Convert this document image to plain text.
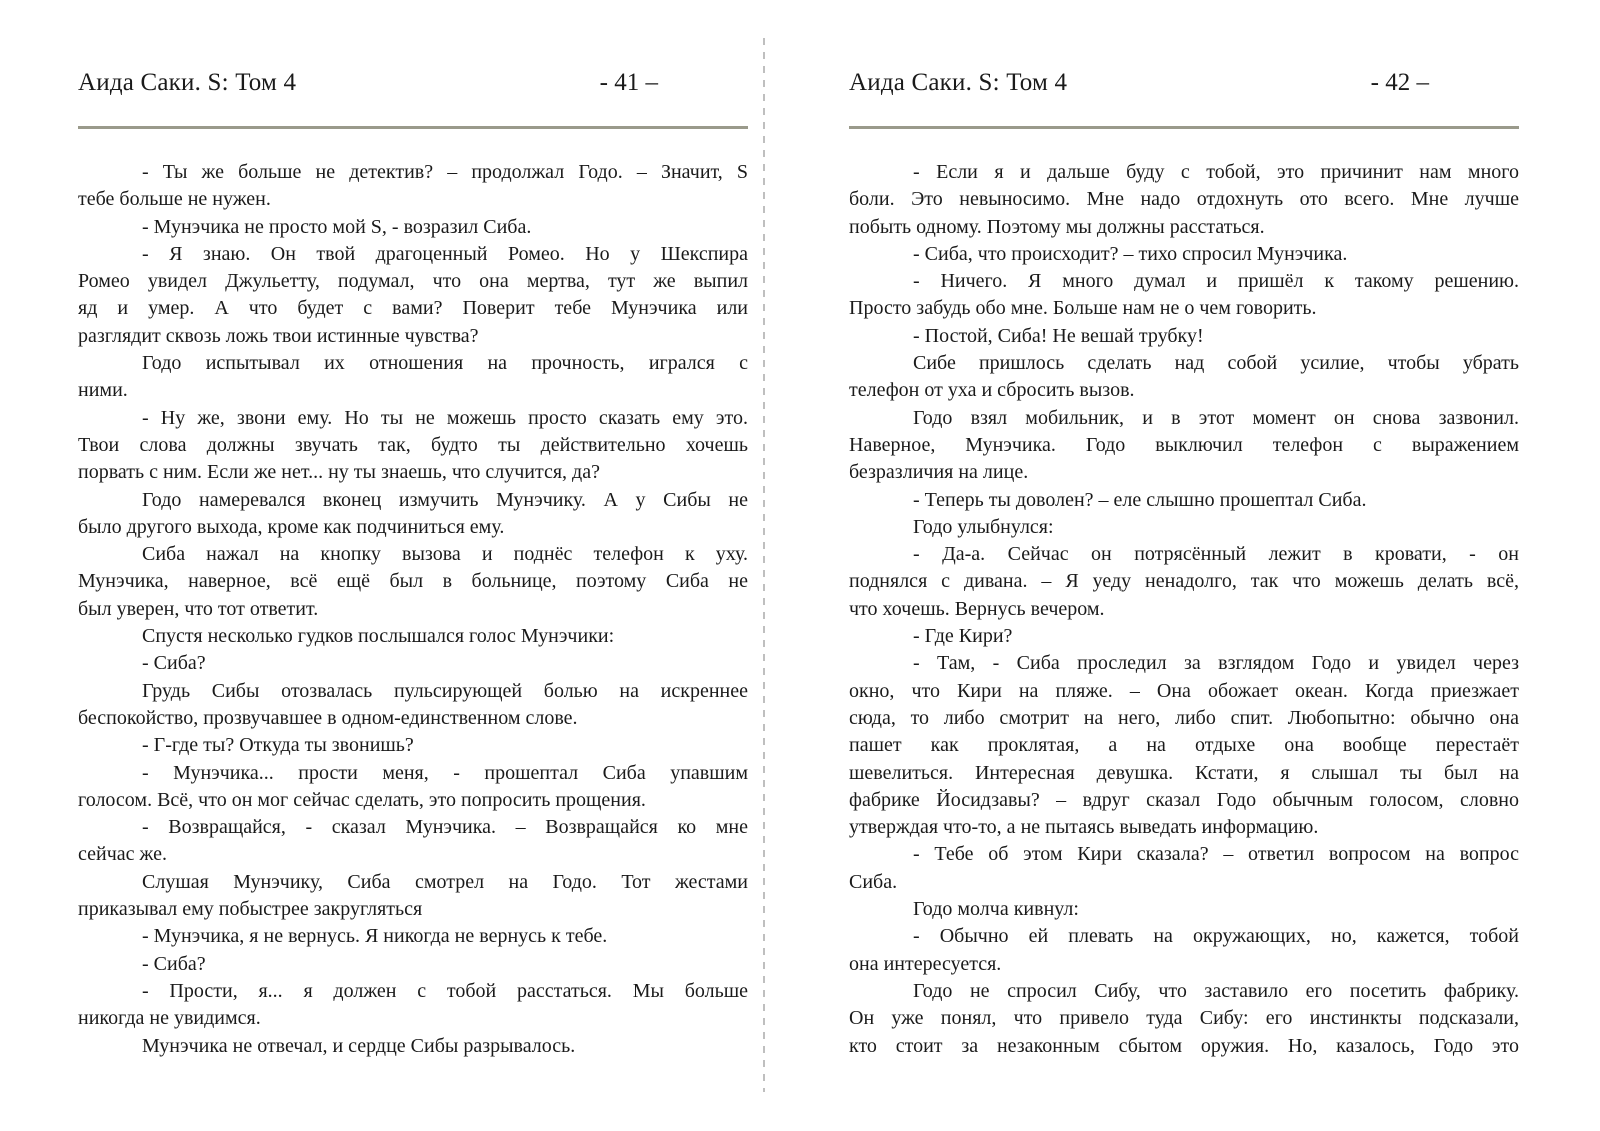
Аида Саки. S: Том 4	- 41 –
- Ты же больше не детектив? – продолжал Годо. – Значит, S
тебе больше не нужен.
- Мунэчика не просто мой S, - возразил Сиба.
- Я знаю. Он твой драгоценный Ромео. Но у Шекспира
Ромео увидел Джульетту, подумал, что она мертва, тут же выпил
яд и умер. А что будет с вами? Поверит тебе Мунэчика или
разглядит сквозь ложь твои истинные чувства?
Годо испытывал их отношения на прочность, игрался с
ними.
- Ну же, звони ему. Но ты не можешь просто сказать ему это.
Твои слова должны звучать так, будто ты действительно хочешь
порвать с ним. Если же нет... ну ты знаешь, что случится, да?
Годо намеревался вконец измучить Мунэчику. А у Сибы не
было другого выхода, кроме как подчиниться ему.
Сиба нажал на кнопку вызова и поднёс телефон к уху.
Мунэчика, наверное, всё ещё был в больнице, поэтому Сиба не
был уверен, что тот ответит.
Спустя несколько гудков послышался голос Мунэчики:
- Сиба?
Грудь Сибы отозвалась пульсирующей болью на искреннее
беспокойство, прозвучавшее в одном-единственном слове.
- Г-где ты? Откуда ты звонишь?
- Мунэчика... прости меня, - прошептал Сиба упавшим
голосом. Всё, что он мог сейчас сделать, это попросить прощения.
- Возвращайся, - сказал Мунэчика. – Возвращайся ко мне
сейчас же.
Слушая Мунэчику, Сиба смотрел на Годо. Тот жестами
приказывал ему побыстрее закругляться
- Мунэчика, я не вернусь. Я никогда не вернусь к тебе.
- Сиба?
- Прости, я... я должен с тобой расстаться. Мы больше
никогда не увидимся.
Мунэчика не отвечал, и сердце Сибы разрывалось.
Аида Саки. S: Том 4	- 42 –
- Если я и дальше буду с тобой, это причинит нам много
боли. Это невыносимо. Мне надо отдохнуть ото всего. Мне лучше
побыть одному. Поэтому мы должны расстаться.
- Сиба, что происходит? – тихо спросил Мунэчика.
- Ничего. Я много думал и пришёл к такому решению.
Просто забудь обо мне. Больше нам не о чем говорить.
- Постой, Сиба! Не вешай трубку!
Сибе пришлось сделать над собой усилие, чтобы убрать
телефон от уха и сбросить вызов.
Годо взял мобильник, и в этот момент он снова зазвонил.
Наверное, Мунэчика. Годо выключил телефон с выражением
безразличия на лице.
- Теперь ты доволен? – еле слышно прошептал Сиба.
Годо улыбнулся:
- Да-а. Сейчас он потрясённый лежит в кровати, - он
поднялся с дивана. – Я уеду ненадолго, так что можешь делать всё,
что хочешь. Вернусь вечером.
- Где Кири?
- Там, - Сиба проследил за взглядом Годо и увидел через
окно, что Кири на пляже. – Она обожает океан. Когда приезжает
сюда, то либо смотрит на него, либо спит. Любопытно: обычно она
пашет как проклятая, а на отдыхе она вообще перестаёт
шевелиться. Интересная девушка. Кстати, я слышал ты был на
фабрике Йосидзавы? – вдруг сказал Годо обычным голосом, словно
утверждая что-то, а не пытаясь выведать информацию.
- Тебе об этом Кири сказала? – ответил вопросом на вопрос
Сиба.
Годо молча кивнул:
- Обычно ей плевать на окружающих, но, кажется, тобой
она интересуется.
Годо не спросил Сибу, что заставило его посетить фабрику.
Он уже понял, что привело туда Сибу: его инстинкты подсказали,
кто стоит за незаконным сбытом оружия. Но, казалось, Годо это
